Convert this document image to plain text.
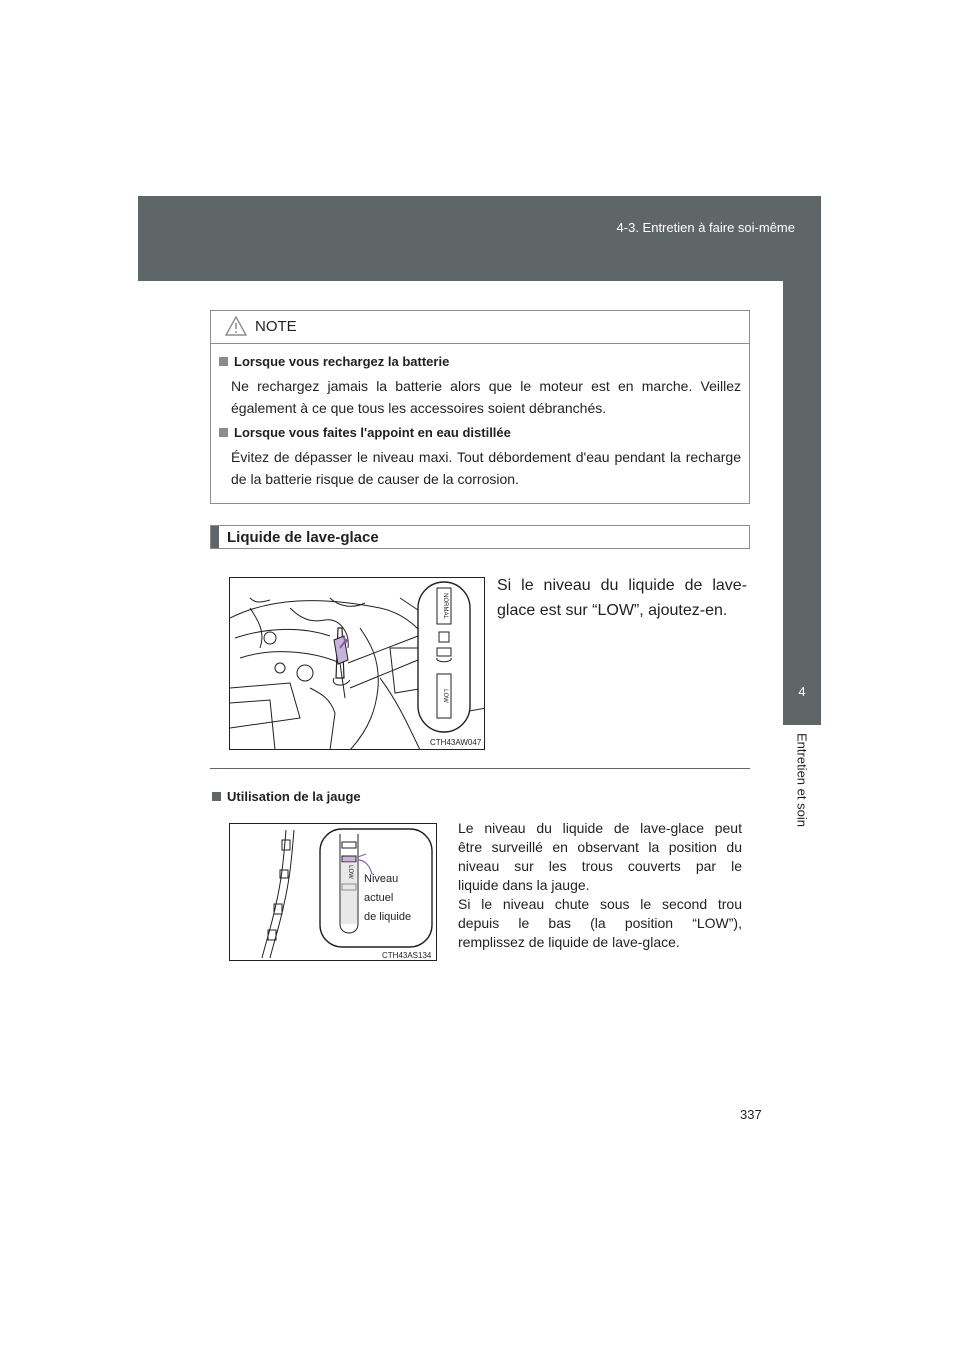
4-3. Entretien à faire soi-même
4
Entretien et soin
NOTE
Lorsque vous rechargez la batterie

Ne rechargez jamais la batterie alors que le moteur est en marche. Veillez également à ce que tous les accessoires soient débranchés.

Lorsque vous faites l'appoint en eau distillée

Évitez de dépasser le niveau maxi. Tout débordement d'eau pendant la recharge de la batterie risque de causer de la corrosion.

Liquide de lave-glace
NORMAL
LOW
CTH43AW047
Si le niveau du liquide de lave-glace est sur “LOW”, ajoutez-en.
Utilisation de la jauge
LOW
Niveau
actuel
de liquide
CTH43AS134

Le niveau du liquide de lave-glace peut

être surveillé en observant la position du

niveau sur les trous couverts par le

liquide dans la jauge.

Si le niveau chute sous le second trou

depuis le bas (la position “LOW”),

remplissez de liquide de lave-glace.

337
